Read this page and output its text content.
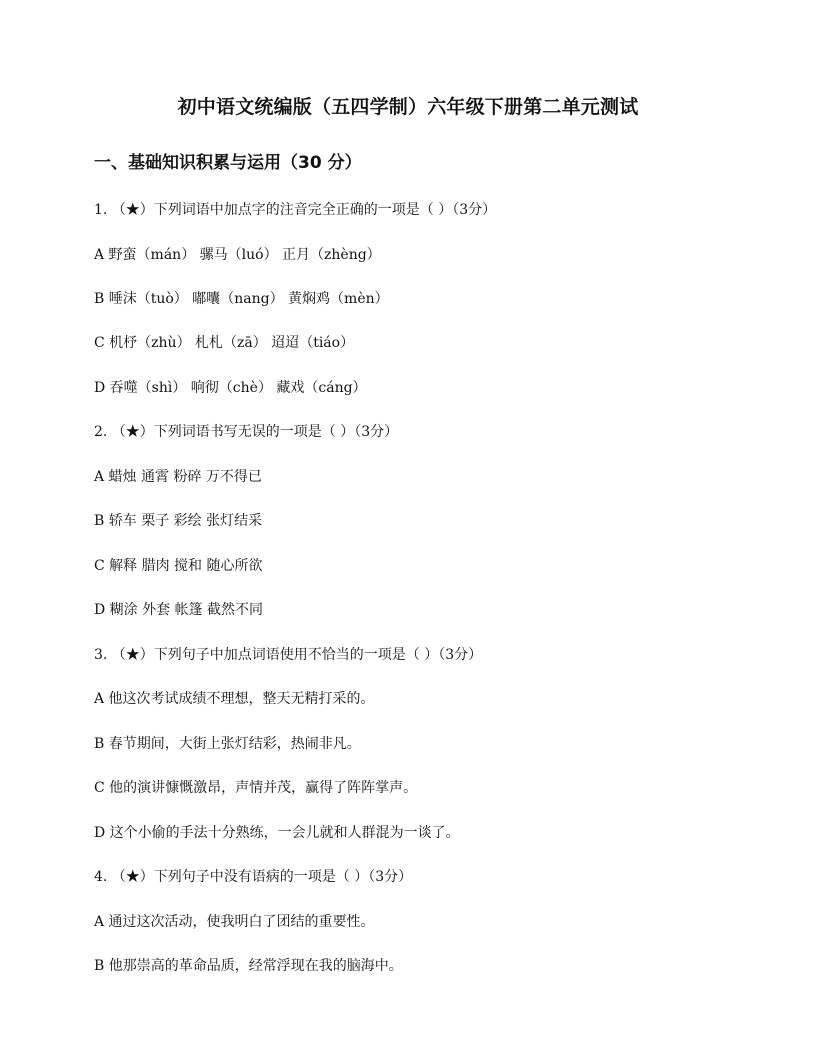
初中语文统编版（五四学制）六年级下册第二单元测试
一、基础知识积累与运用（30 分）
1. （★）下列词语中加点字的注音完全正确的一项是（ ）（3分）
A 野蛮（mán） 骡马（luó） 正月（zhèng）
B 唾沫（tuò） 嘟囔（nang） 黄焖鸡（mèn）
C 机杼（zhù） 札札（zā） 迢迢（tiáo）
D 吞噬（shì） 响彻（chè） 藏戏（cáng）
2. （★）下列词语书写无误的一项是（ ）（3分）
A 蜡烛 通霄 粉碎 万不得已
B 轿车 栗子 彩绘 张灯结采
C 解释 腊肉 搅和 随心所欲
D 糊涂 外套 帐篷 截然不同
3. （★）下列句子中加点词语使用不恰当的一项是（ ）（3分）
A 他这次考试成绩不理想，整天无精打采的。
B 春节期间，大街上张灯结彩，热闹非凡。
C 他的演讲慷慨激昂，声情并茂，赢得了阵阵掌声。
D 这个小偷的手法十分熟练，一会儿就和人群混为一谈了。
4. （★）下列句子中没有语病的一项是（ ）（3分）
A 通过这次活动，使我明白了团结的重要性。
B 他那崇高的革命品质，经常浮现在我的脑海中。
